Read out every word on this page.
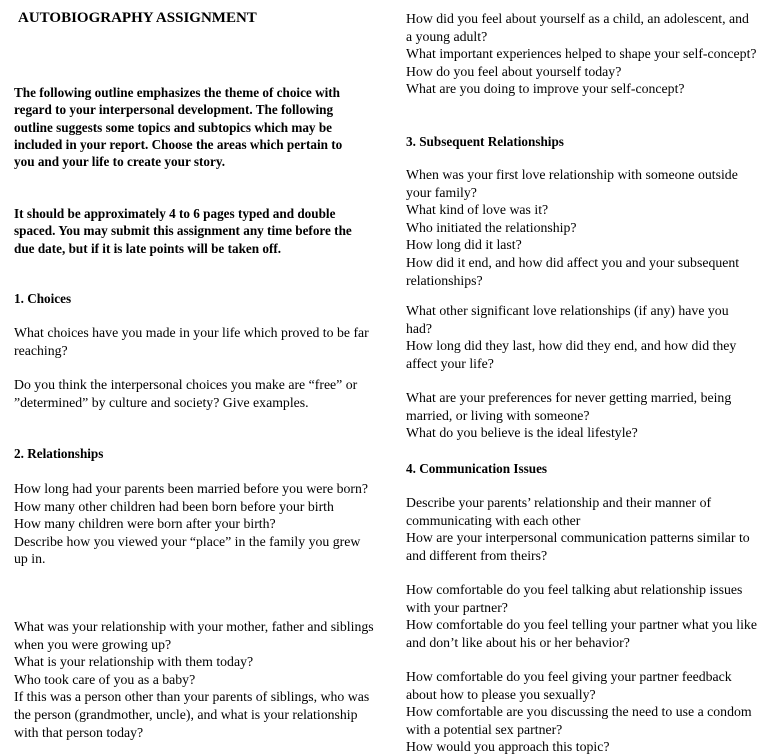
AUTOBIOGRAPHY ASSIGNMENT

The following outline emphasizes the theme of choice with regard to your interpersonal development. The following outline suggests some topics and subtopics which may be included in your report. Choose the areas which pertain to you and your life to create your story.

It should be approximately 4 to 6 pages typed and double spaced. You may submit this assignment any time before the due date, but if it is late points will be taken off.

1. Choices
What choices have you made in your life which proved to be far reaching?
Do you think the interpersonal choices you make are “free” or ”determined” by culture and society? Give examples.
2. Relationships
How long had your parents been married before you were born?
How many other children had been born before your birth
How many children were born after your birth?
Describe how you viewed your “place” in the family you grew up in.
What was your relationship with your mother, father and siblings when you were growing up?
What is your relationship with them today?
Who took care of you as a baby?
If this was a person other than your parents of siblings, who was the person (grandmother, uncle), and what is your relationship with that person today?
How did you feel about yourself as a child, an adolescent, and a young adult?
What important experiences helped to shape your self-concept?
How do you feel about yourself today?
What are you doing to improve your self-concept?
3. Subsequent Relationships
When was your first love relationship with someone outside your family?
What kind of love was it?
Who initiated the relationship?
How long did it last?
How did it end, and how did affect you and your subsequent relationships?
What other significant love relationships (if any) have you had?
How long did they last, how did they end, and how did they affect your life?
What are your preferences for never getting married, being married, or living with someone?
What do you believe is the ideal lifestyle?
4. Communication Issues
Describe your parents’ relationship and their manner of communicating with each other
How are your interpersonal communication patterns similar to and different from theirs?
How comfortable do you feel talking abut relationship issues with your partner?
How comfortable do you feel telling your partner what you like and don’t like about his or her behavior?
How comfortable do you feel giving your partner feedback about how to please you sexually?
How comfortable are you discussing the need to use a condom with a potential sex partner?
How would you approach this topic?
